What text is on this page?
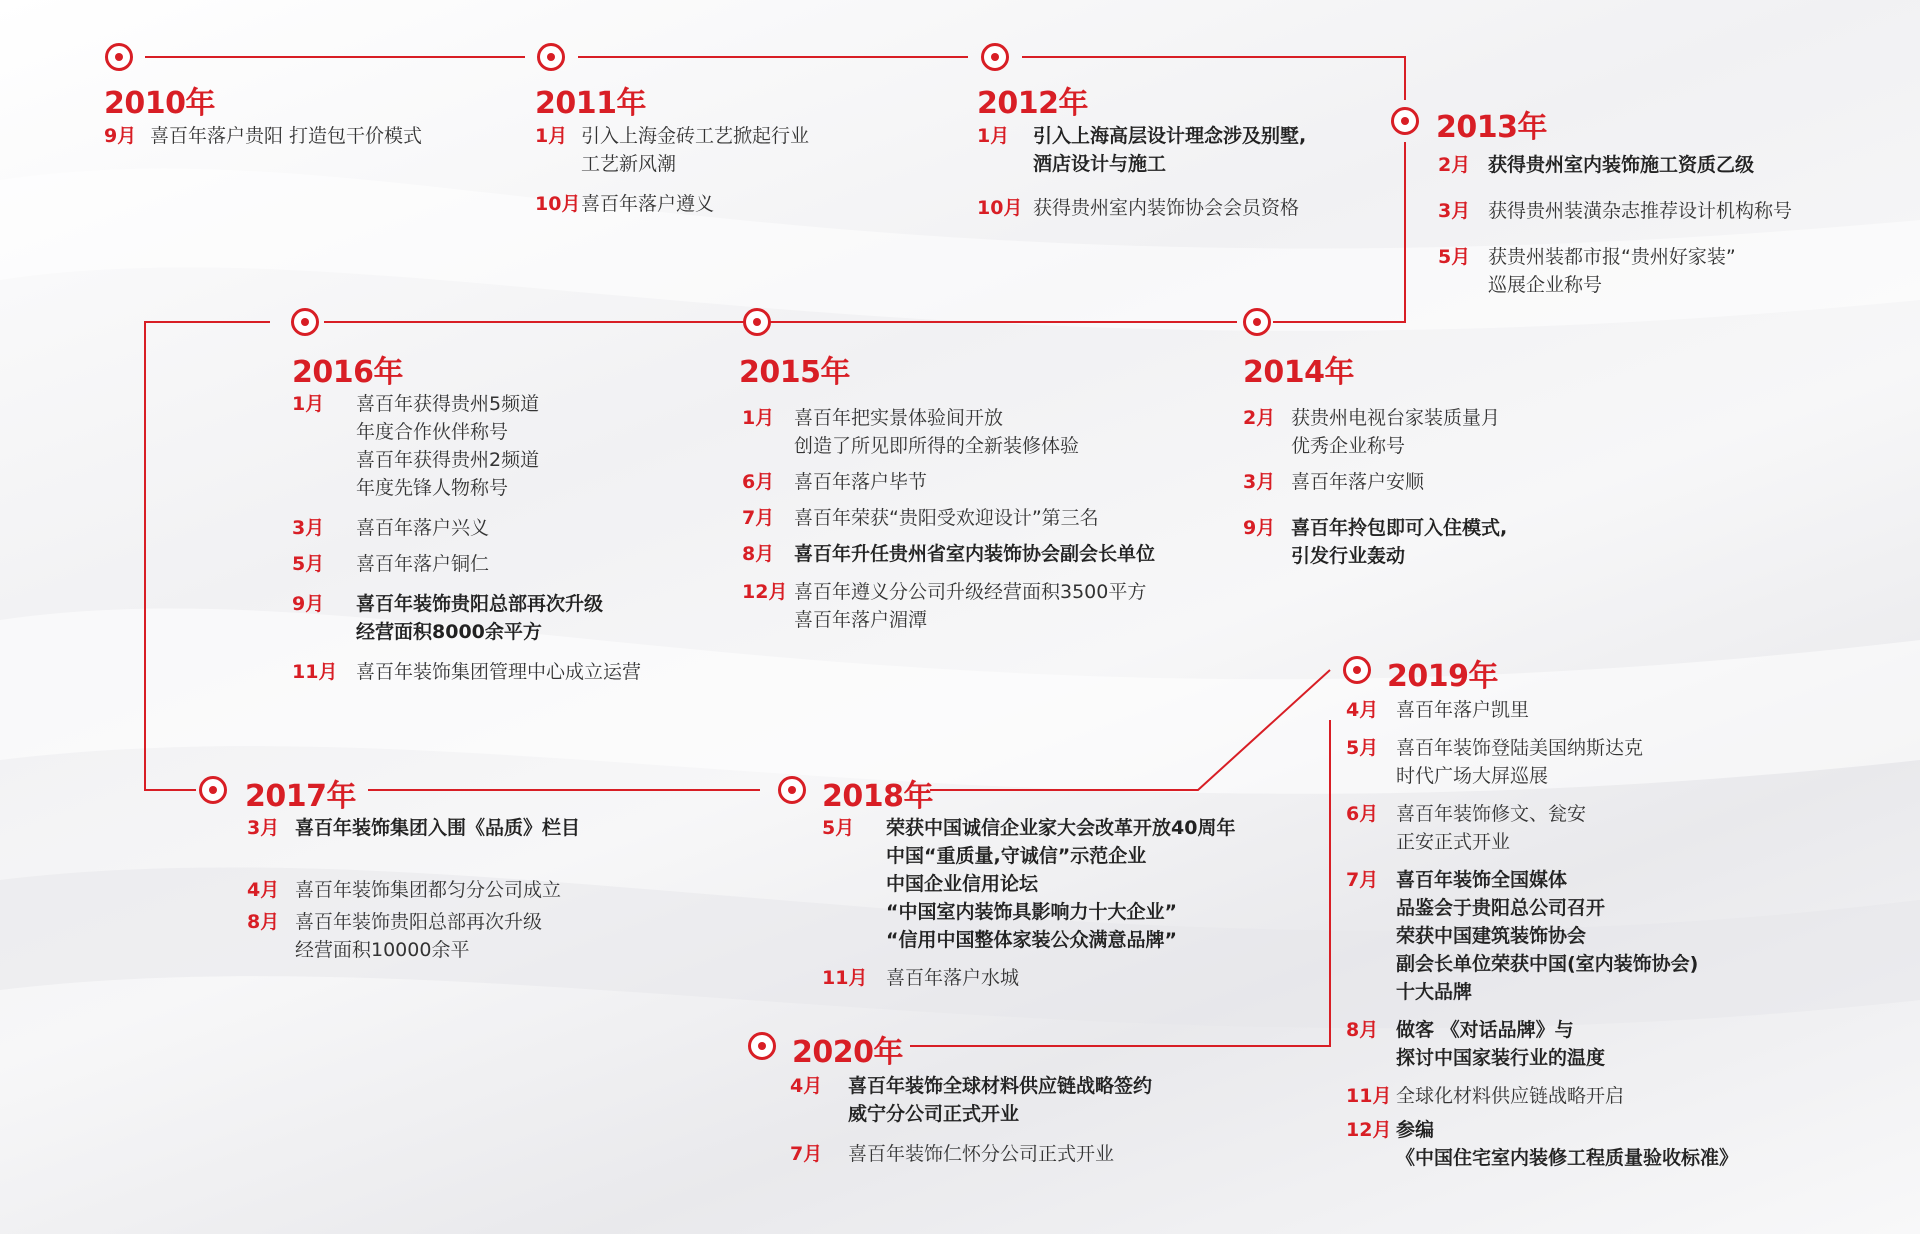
2010年	2011年	2012年
2013年
2014年
2015年
2016年
2017年	2018年
2019年
2020年
9月 喜百年落户贵阳 打造包干价模式	1月 引入上海金砖工艺掀起行业
工艺新风潮
10月 喜百年落户遵义
1月 引入上海高层设计理念涉及别墅,
酒店设计与施工
10月 获得贵州室内装饰协会会员资格
2月 获得贵州室内装饰施工资质乙级
3月 获得贵州装潢杂志推荐设计机构称号
5月 获贵州装都市报“贵州好家装”
巡展企业称号
2月 获贵州电视台家装质量月
优秀企业称号
3月 喜百年落户安顺
9月 喜百年拎包即可入住模式,
引发行业轰动
1月 喜百年把实景体验间开放
创造了所见即所得的全新装修体验
6月 喜百年落户毕节
7月 喜百年荣获“贵阳受欢迎设计”第三名
8月 喜百年升任贵州省室内装饰协会副会长单位
12月 喜百年遵义分公司升级经营面积3500平方
喜百年落户湄潭
1月 喜百年获得贵州5频道
年度合作伙伴称号
喜百年获得贵州2频道
年度先锋人物称号
3月 喜百年落户兴义
5月 喜百年落户铜仁
9月 喜百年装饰贵阳总部再次升级
经营面积8000余平方
11月 喜百年装饰集团管理中心成立运营
3月 喜百年装饰集团入围《品质》栏目
4月 喜百年装饰集团都匀分公司成立
8月 喜百年装饰贵阳总部再次升级
经营面积10000余平
5月 荣获中国诚信企业家大会改革开放40周年
中国“重质量,守诚信”示范企业
中国企业信用论坛
“中国室内装饰具影响力十大企业”
“信用中国整体家装公众满意品牌”
11月 喜百年落户水城
4月 喜百年落户凯里
5月 喜百年装饰登陆美国纳斯达克
时代广场大屏巡展
6月 喜百年装饰修文、瓮安
正安正式开业
7月 喜百年装饰全国媒体
品鉴会于贵阳总公司召开
荣获中国建筑装饰协会
副会长单位荣获中国(室内装饰协会)
十大品牌
8月 做客 《对话品牌》与
探讨中国家装行业的温度
11月 全球化材料供应链战略开启
12月 参编
《中国住宅室内装修工程质量验收标准》
4月 喜百年装饰全球材料供应链战略签约
威宁分公司正式开业
7月 喜百年装饰仁怀分公司正式开业
